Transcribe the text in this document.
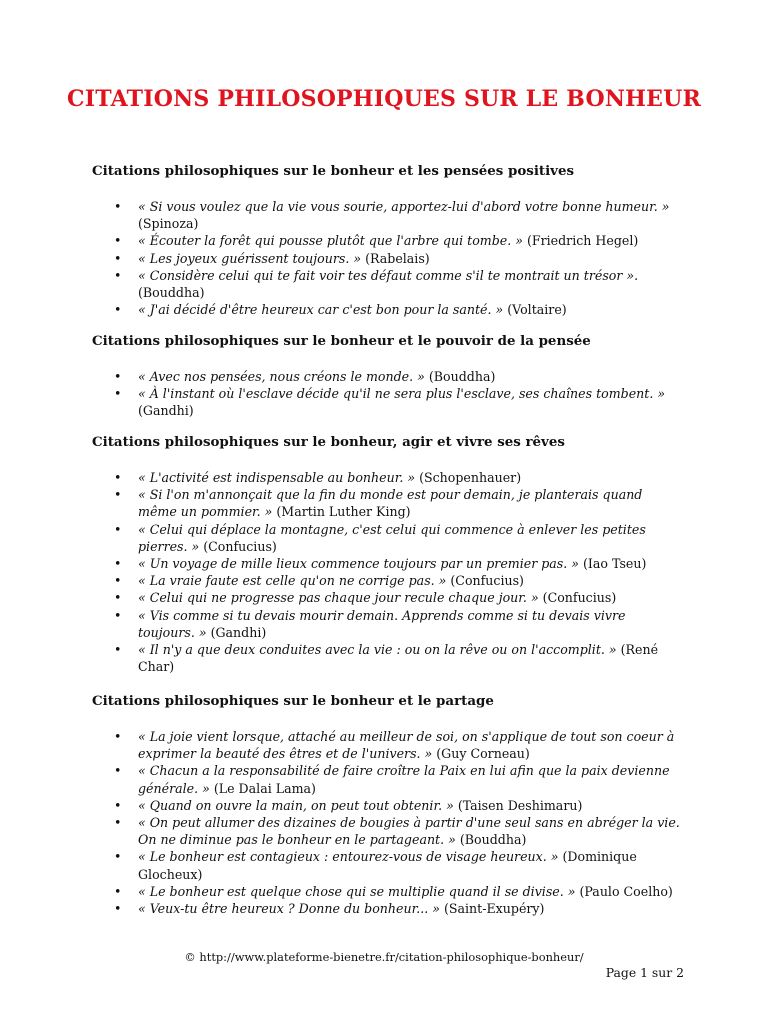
CITATIONS PHILOSOPHIQUES SUR LE BONHEUR
Citations philosophiques sur le bonheur et les pensées positives
• « Si vous voulez que la vie vous sourie, apportez-lui d'abord votre bonne humeur. » (Spinoza)
• « Écouter la forêt qui pousse plutôt que l'arbre qui tombe. » (Friedrich Hegel)
• « Les joyeux guérissent toujours. » (Rabelais)
• « Considère celui qui te fait voir tes défaut comme s'il te montrait un trésor ». (Bouddha)
• « J'ai décidé d'être heureux car c'est bon pour la santé. » (Voltaire)
Citations philosophiques sur le bonheur et le pouvoir de la pensée
• « Avec nos pensées, nous créons le monde. » (Bouddha)
• « À l'instant où l'esclave décide qu'il ne sera plus l'esclave, ses chaînes tombent. » (Gandhi)
Citations philosophiques sur le bonheur, agir et vivre ses rêves
• « L'activité est indispensable au bonheur. » (Schopenhauer)
• « Si l'on m'annonçait que la fin du monde est pour demain, je planterais quand même un pommier. » (Martin Luther King)
• « Celui qui déplace la montagne, c'est celui qui commence à enlever les petites pierres. » (Confucius)
• « Un voyage de mille lieux commence toujours par un premier pas. » (Iao Tseu)
• « La vraie faute est celle qu'on ne corrige pas. » (Confucius)
• « Celui qui ne progresse pas chaque jour recule chaque jour. » (Confucius)
• « Vis comme si tu devais mourir demain. Apprends comme si tu devais vivre toujours. » (Gandhi)
• « Il n'y a que deux conduites avec la vie : ou on la rêve ou on l'accomplit. » (René Char)
Citations philosophiques sur le bonheur et le partage
• « La joie vient lorsque, attaché au meilleur de soi, on s'applique de tout son coeur à exprimer la beauté des êtres et de l'univers. » (Guy Corneau)
• « Chacun a la responsabilité de faire croître la Paix en lui afin que la paix devienne générale. » (Le Dalai Lama)
• « Quand on ouvre la main, on peut tout obtenir. » (Taisen Deshimaru)
• « On peut allumer des dizaines de bougies à partir d'une seul sans en abréger la vie. On ne diminue pas le bonheur en le partageant. » (Bouddha)
• « Le bonheur est contagieux : entourez-vous de visage heureux. » (Dominique Glocheux)
• « Le bonheur est quelque chose qui se multiplie quand il se divise. » (Paulo Coelho)
• « Veux-tu être heureux ? Donne du bonheur... » (Saint-Exupéry)
© http://www.plateforme-bienetre.fr/citation-philosophique-bonheur/
Page 1 sur 2
